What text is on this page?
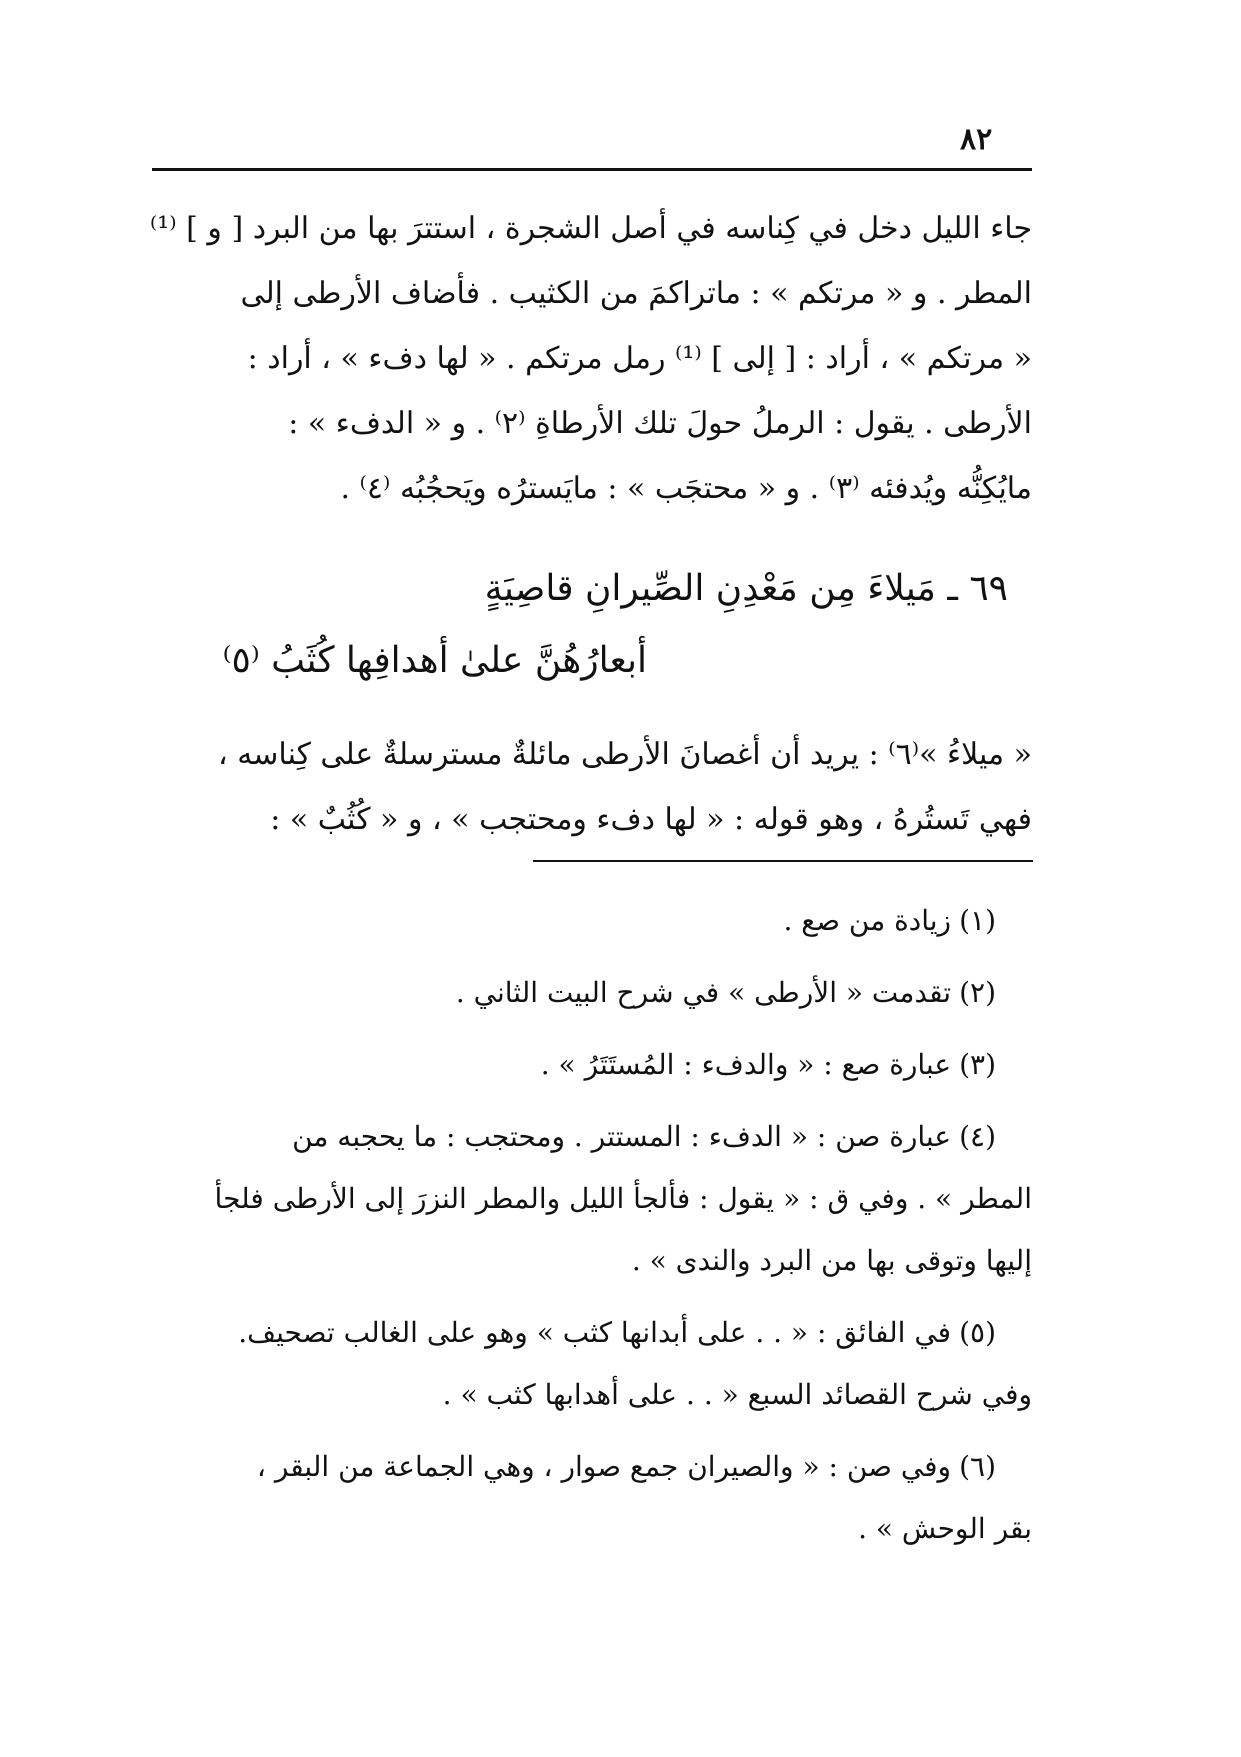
٨٢
جاء الليل دخل في كِناسه في أصل الشجرة ، استترَ بها من البرد [ و ] ⁽¹⁾
المطر . و « مرتكم » : ماتراكمَ من الكثيب . فأضاف الأرطى إلى
« مرتكم » ، أراد : [ إلى ] ⁽¹⁾ رمل مرتكم . « لها دفء » ، أراد :
الأرطى . يقول : الرملُ حولَ تلك الأرطاةِ ⁽٢⁾ . و « الدفء » :
مايُكِنُّه ويُدفئه ⁽٣⁾ . و « محتجَب » : مايَسترُه ويَحجُبُه ⁽٤⁾ .
٦٩ ـ مَيلاءَ مِن مَعْدِنِ الصِّيرانِ قاصِيَةٍ
أبعارُهُنَّ علىٰ أهدافِها كُثَبُ ⁽٥⁾
« ميلاءُ »⁽٦⁾ : يريد أن أغصانَ الأرطى مائلةٌ مسترسلةٌ على كِناسه ،
فهي تَستُرهُ ، وهو قوله : « لها دفء ومحتجب » ، و « كُثُبٌ » :
(١)زيادة من صع .
(٢)تقدمت « الأرطى » في شرح البيت الثاني .
(٣)عبارة صع : « والدفء : المُستَتَرُ » .
(٤)عبارة صن : « الدفء : المستتر . ومحتجب : ما يحجبه من
المطر » . وفي ق : « يقول : فألجأ الليل والمطر النزرَ إلى الأرطى فلجأ
إليها وتوقى بها من البرد والندى » .
(٥)في الفائق : « . . على أبدانها كثب » وهو على الغالب تصحيف.
وفي شرح القصائد السبع « . . على أهدابها كثب » .
(٦)وفي صن : « والصيران جمع صوار ، وهي الجماعة من البقر ،
بقر الوحش » .
